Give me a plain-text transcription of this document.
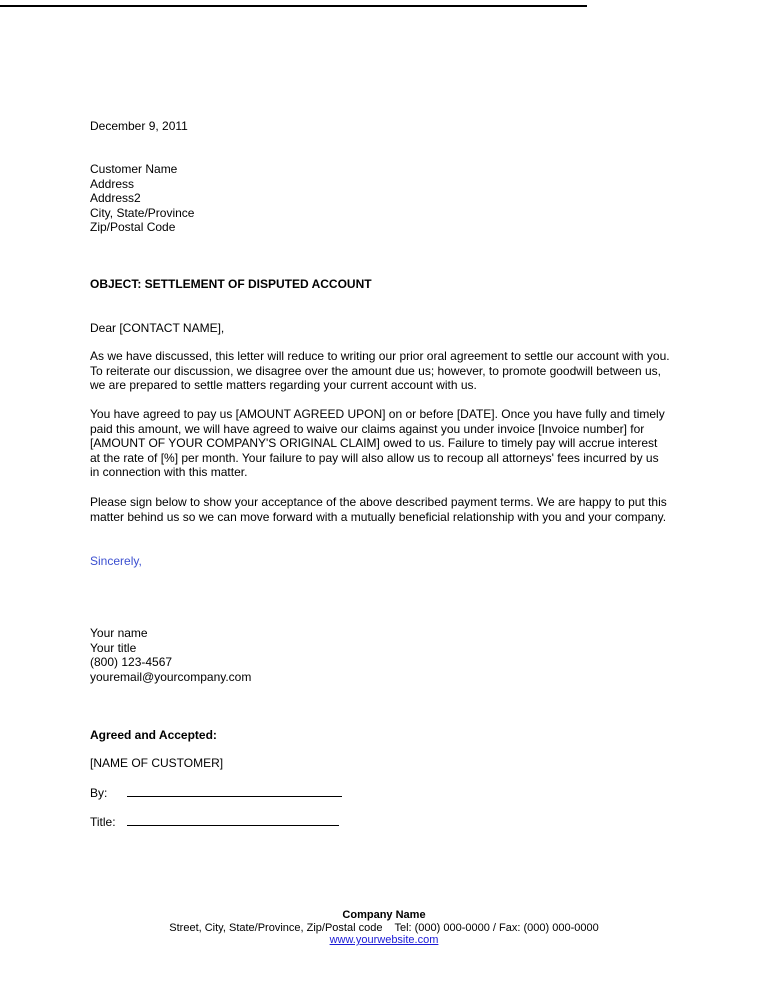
December 9, 2011
Customer Name
Address
Address2
City, State/Province
Zip/Postal Code
OBJECT: SETTLEMENT OF DISPUTED ACCOUNT
Dear [CONTACT NAME],
As we have discussed, this letter will reduce to writing our prior oral agreement to settle our account with you.
To reiterate our discussion, we disagree over the amount due us; however, to promote goodwill between us,
we are prepared to settle matters regarding your current account with us.
You have agreed to pay us [AMOUNT AGREED UPON] on or before [DATE]. Once you have fully and timely
paid this amount, we will have agreed to waive our claims against you under invoice [Invoice number] for
[AMOUNT OF YOUR COMPANY'S ORIGINAL CLAIM] owed to us. Failure to timely pay will accrue interest
at the rate of [%] per month. Your failure to pay will also allow us to recoup all attorneys' fees incurred by us
in connection with this matter.
Please sign below to show your acceptance of the above described payment terms. We are happy to put this
matter behind us so we can move forward with a mutually beneficial relationship with you and your company.
Sincerely,
Your name
Your title
(800) 123-4567
youremail@yourcompany.com
Agreed and Accepted:
[NAME OF CUSTOMER]
By:
Title:
Company Name
Street, City, State/Province, Zip/Postal code    Tel: (000) 000-0000 / Fax: (000) 000-0000
www.yourwebsite.com
